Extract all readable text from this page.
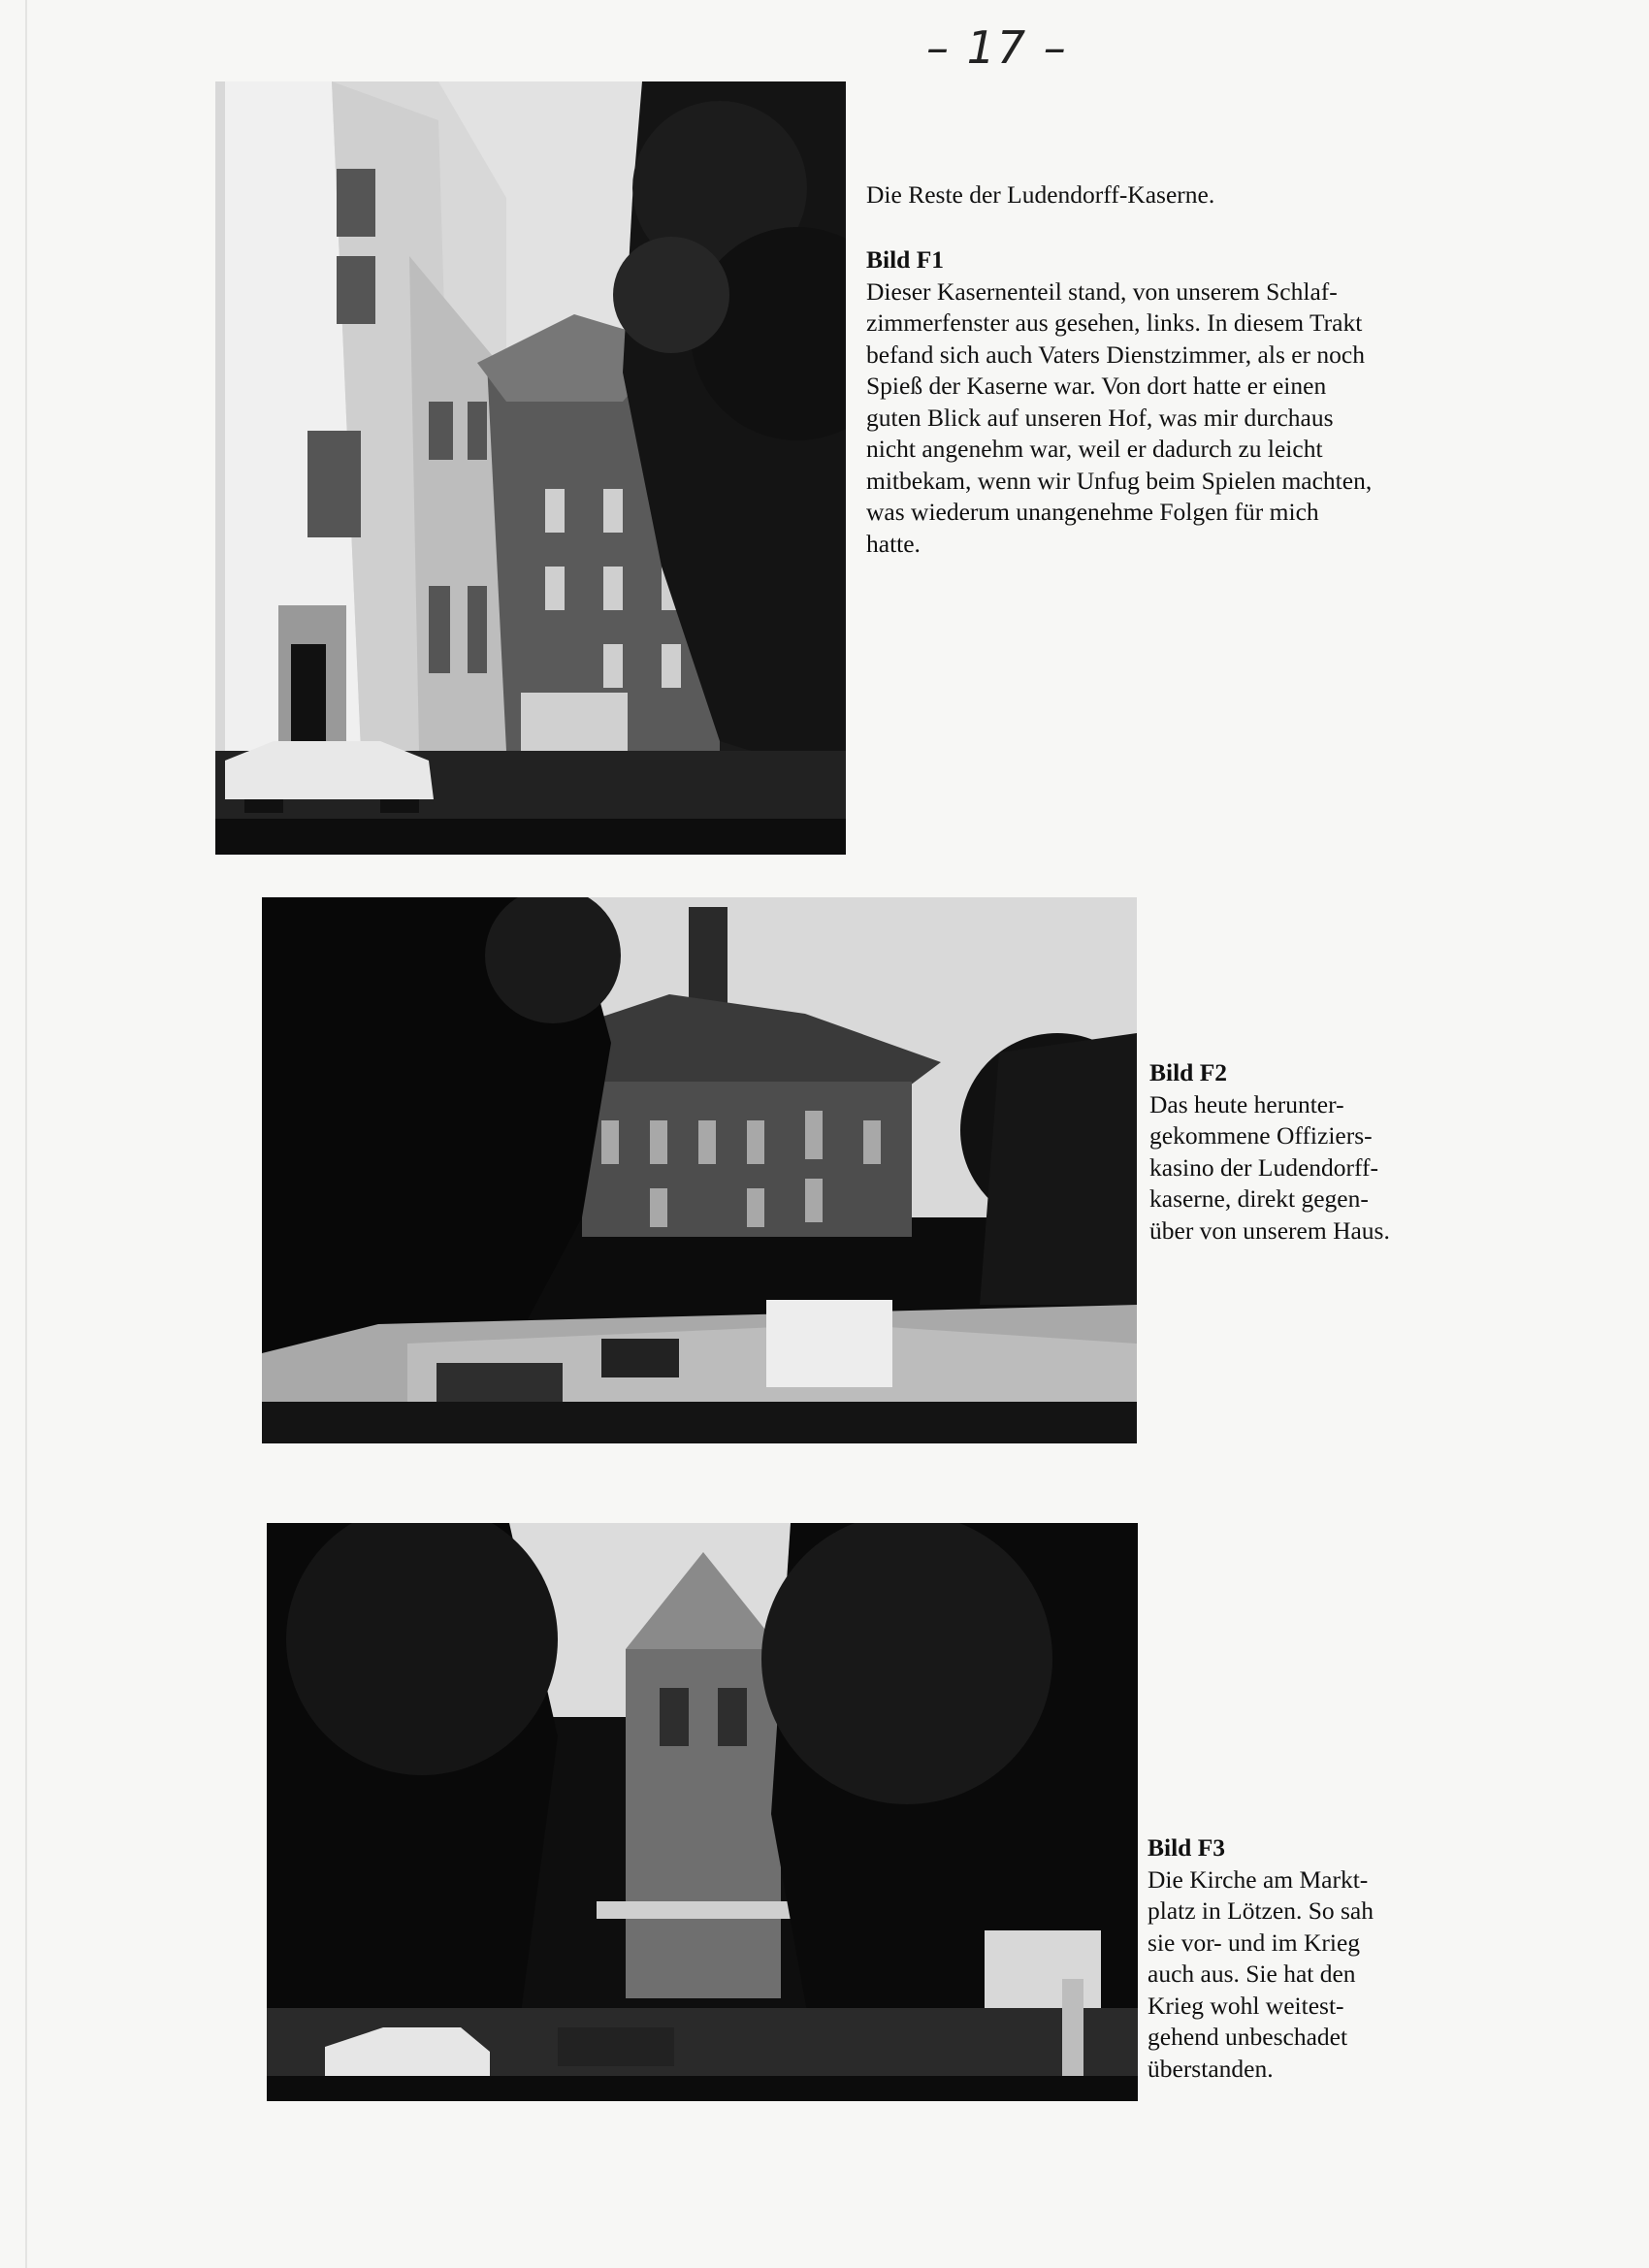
– 17 –
Die Reste der Ludendorff-Kaserne.
Bild F1
Dieser Kasernenteil stand, von unserem Schlaf-
zimmerfenster aus gesehen, links. In diesem Trakt
befand sich auch Vaters Dienstzimmer, als er noch
Spieß der Kaserne war. Von dort hatte er einen
guten Blick auf unseren Hof, was mir durchaus
nicht angenehm war, weil er dadurch zu leicht
mitbekam, wenn wir Unfug beim Spielen machten,
was wiederum unangenehme Folgen für mich
hatte.
Bild F2
Das heute herunter-
gekommene Offiziers-
kasino der Ludendorff-
kaserne, direkt gegen-
über von unserem Haus.
Bild F3
Die Kirche am Markt-
platz in Lötzen. So sah
sie vor- und im Krieg
auch aus. Sie hat den
Krieg wohl weitest-
gehend unbeschadet
überstanden.
